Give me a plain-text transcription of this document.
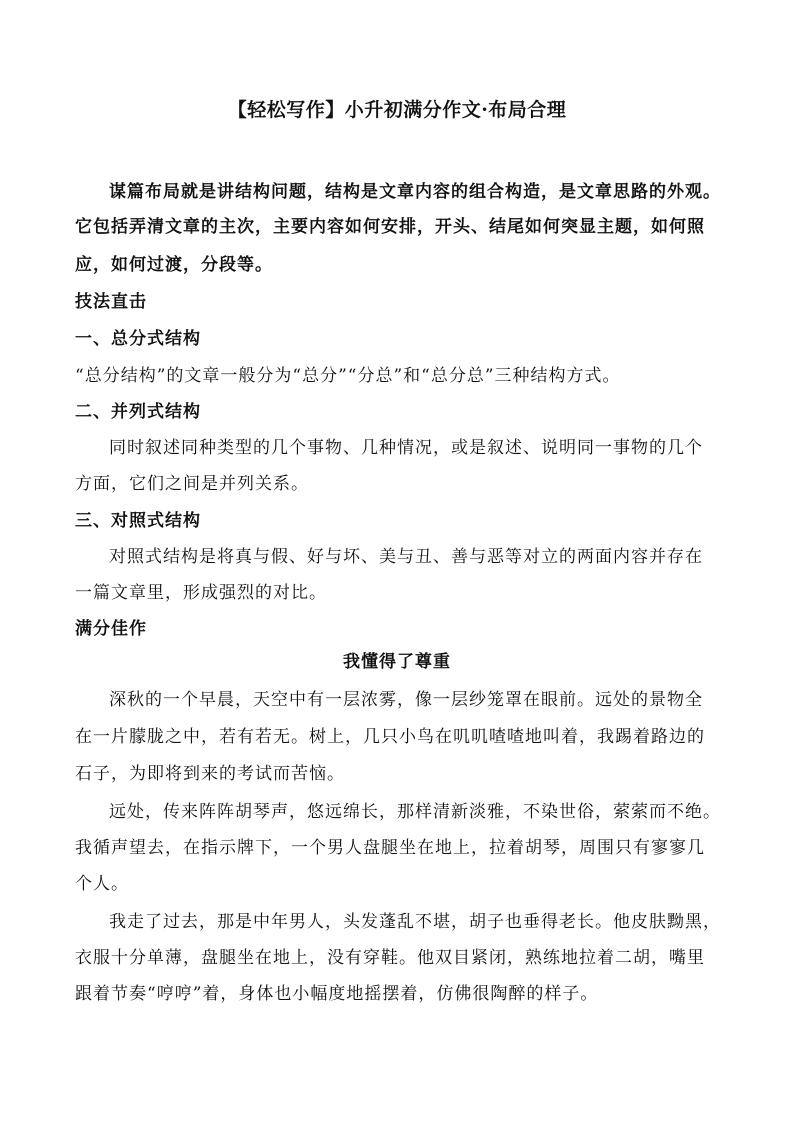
【轻松写作】小升初满分作文·布局合理
谋篇布局就是讲结构问题，结构是文章内容的组合构造，是文章思路的外观。
它包括弄清文章的主次，主要内容如何安排，开头、结尾如何突显主题，如何照
应，如何过渡，分段等。
技法直击
一、总分式结构
“总分结构”的文章一般分为“总分”“分总”和“总分总”三种结构方式。
二、并列式结构
同时叙述同种类型的几个事物、几种情况，或是叙述、说明同一事物的几个
方面，它们之间是并列关系。
三、对照式结构
对照式结构是将真与假、好与坏、美与丑、善与恶等对立的两面内容并存在
一篇文章里，形成强烈的对比。
满分佳作
我懂得了尊重
深秋的一个早晨，天空中有一层浓雾，像一层纱笼罩在眼前。远处的景物全
在一片朦胧之中，若有若无。树上，几只小鸟在叽叽喳喳地叫着，我踢着路边的
石子，为即将到来的考试而苦恼。
远处，传来阵阵胡琴声，悠远绵长，那样清新淡雅，不染世俗，萦萦而不绝。
我循声望去，在指示牌下，一个男人盘腿坐在地上，拉着胡琴，周围只有寥寥几
个人。
我走了过去，那是中年男人，头发蓬乱不堪，胡子也垂得老长。他皮肤黝黑，
衣服十分单薄，盘腿坐在地上，没有穿鞋。他双目紧闭，熟练地拉着二胡，嘴里
跟着节奏“哼哼”着，身体也小幅度地摇摆着，仿佛很陶醉的样子。
